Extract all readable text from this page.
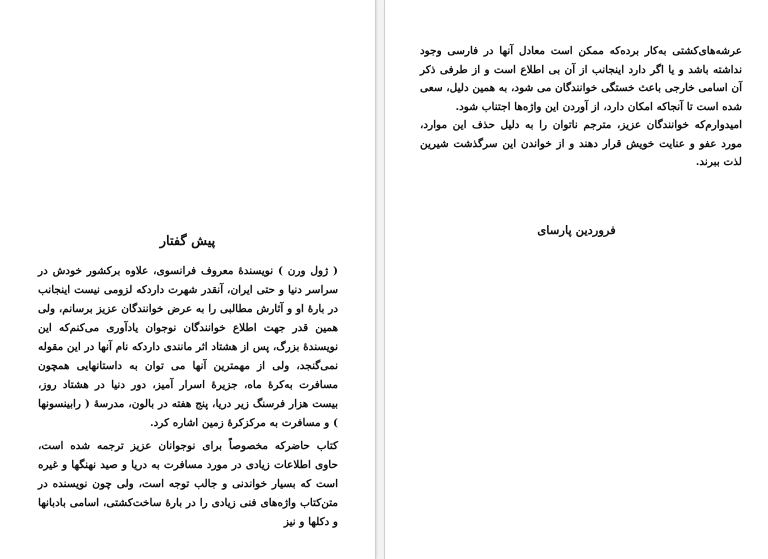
پیش گفتار

( ژول ورن ) نویسندهٔ معروف فرانسوی، علاوه برکشور خودش در سراسر دنیا و حتی ایران، آنقدر شهرت داردکه لزومی نیست اینجانب در بارهٔ او و آثارش مطالبی را به عرض خوانندگان عزیز برسانم، ولی همین قدر جهت اطلاع خوانندگان نوجوان یادآوری می‌کنم‌که این نویسندهٔ بزرگ، پس از هشتاد اثر مانندی داردکه نام آنها در این مقوله نمی‌گنجد، ولی از مهمترین آنها می توان به داستانهایی همچون مسافرت به‌کرهٔ ماه، جزیرهٔ اسرار آمیز، دور دنیا در هشتاد روز، بیست هزار فرسنگ زیر دریا، پنج هفته در بالون، مدرسهٔ ( رابینسونها ) و مسافرت به مرکزکرهٔ زمین اشاره کرد.

کتاب حاضرکه مخصوصاً برای نوجوانان عزیز ترجمه شده است، حاوی اطلاعات زیادی در مورد مسافرت به دریا و صید نهنگها و غیره است که بسیار خواندنی و جالب توجه است، ولی چون نویسنده در متن‌کتاب واژه‌های فنی زیادی را در بارهٔ ساخت‌کشتی، اسامی بادبانها و دکلها و نیز

عرشه‌های‌کشتی به‌کار برده‌که ممکن است معادل آنها در فارسی وجود نداشته باشد و یا اگر دارد اینجانب از آن بی اطلاع است و از طرفی ذکر آن اسامی خارجی باعث خستگی خوانندگان می شود، به همین دلیل، سعی شده است تا آنجاکه امکان دارد، از آوردن این واژه‌ها اجتناب شود.

امیدوارم‌که خوانندگان عزیز، مترجم ناتوان را به دلیل حذف این موارد، مورد عفو و عنایت خویش قرار دهند و از خواندن این سرگذشت شیرین لذت ببرند.

فروردین پارسای
